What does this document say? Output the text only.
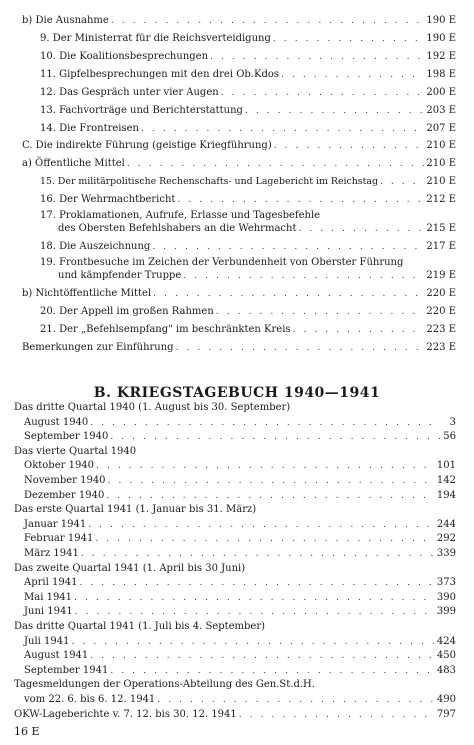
b) Die Ausnahme . . .	190 E
9. Der Ministerrat für die Reichsverteidigung . . .	190 E
10. Die Koalitionsbesprechungen . . .	192 E
11. Gipfelbesprechungen mit den drei Ob.Kdos . . .	198 E
12. Das Gespräch unter vier Augen . . .	200 E
13. Fachvorträge und Berichterstattung . . .	203 E
14. Die Frontreisen . . .	207 E
C. Die indirekte Führung (geistige Kriegführung) . . .	210 E
a) Öffentliche Mittel . . .	210 E
15. Der militärpolitische Rechenschafts- und Lagebericht im Reichstag . . .	210 E
16. Der Wehrmachtbericht . . .	212 E
17. Proklamationen, Aufrufe, Erlasse und Tagesbefehle
des Obersten Befehlshabers an die Wehrmacht . . .	215 E
18. Die Auszeichnung . . .	217 E
19. Frontbesuche im Zeichen der Verbundenheit von Oberster Führung
und kämpfender Truppe . . .	219 E
b) Nichtöffentliche Mittel . . .	220 E
20. Der Appell im großen Rahmen . . .	220 E
21. Der „Befehlsempfang" im beschränkten Kreis . . .	223 E
Bemerkungen zur Einführung . . .	223 E
B. KRIEGSTAGEBUCH 1940—1941
Das dritte Quartal 1940 (1. August bis 30. September)
August 1940 . . .	3
September 1940 . . .	56
Das vierte Quartal 1940
Oktober 1940 . . .	101
November 1940 . . .	142
Dezember 1940 . . .	194
Das erste Quartal 1941 (1. Januar bis 31. März)
Januar 1941 . . .	244
Februar 1941 . . .	292
März 1941 . . .	339
Das zweite Quartal 1941 (1. April bis 30 Juni)
April 1941 . . .	373
Mai 1941 . . .	390
Juni 1941 . . .	399
Das dritte Quartal 1941 (1. Juli bis 4. September)
Juli 1941 . . .	424
August 1941 . . .	450
September 1941 . . .	483
Tagesmeldungen der Operations-Abteilung des Gen.St.d.H.
vom 22. 6. bis 6. 12. 1941 . . .	490
OKW-Lageberichte v. 7. 12. bis 30. 12. 1941 . . .	797
16 E
